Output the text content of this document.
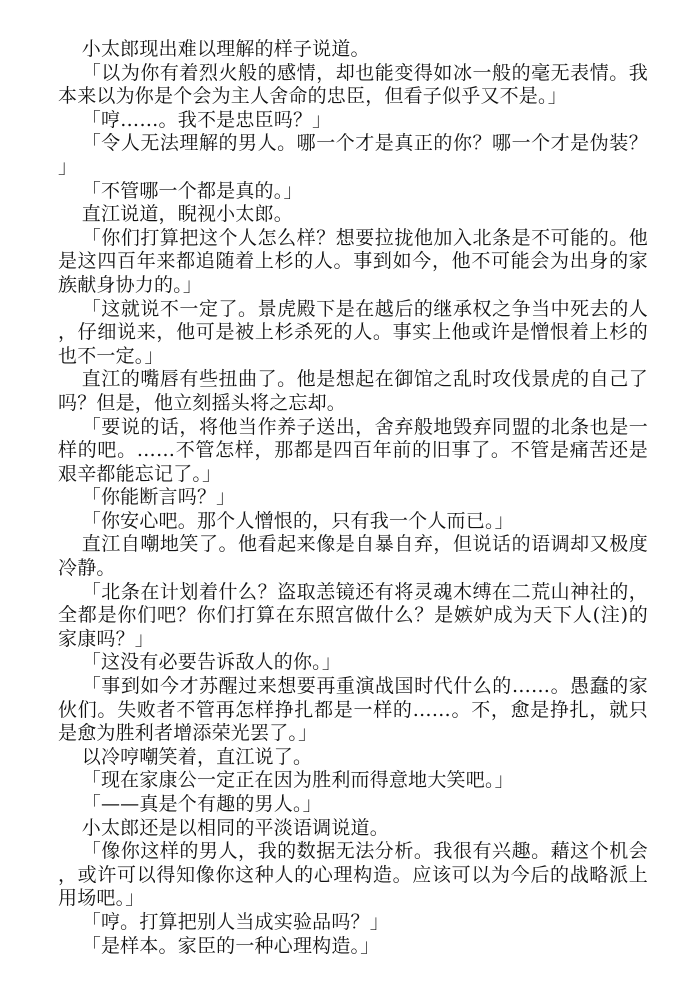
小太郎现出难以理解的样子说道。

「以为你有着烈火般的感情，却也能变得如冰一般的毫无表情。我本来以为你是个会为主人舍命的忠臣，但看子似乎又不是。」

「哼……。我不是忠臣吗？」

「令人无法理解的男人。哪一个才是真正的你？哪一个才是伪装？」

「不管哪一个都是真的。」

直江说道，睨视小太郎。

「你们打算把这个人怎么样？想要拉拢他加入北条是不可能的。他是这四百年来都追随着上杉的人。事到如今，他不可能会为出身的家族献身协力的。」

「这就说不一定了。景虎殿下是在越后的继承权之争当中死去的人，仔细说来，他可是被上杉杀死的人。事实上他或许是憎恨着上杉的也不一定。」

直江的嘴唇有些扭曲了。他是想起在御馆之乱时攻伐景虎的自己了吗？但是，他立刻摇头将之忘却。

「要说的话，将他当作养子送出，舍弃般地毁弃同盟的北条也是一样的吧。……不管怎样，那都是四百年前的旧事了。不管是痛苦还是艰辛都能忘记了。」

「你能断言吗？」

「你安心吧。那个人憎恨的，只有我一个人而已。」

直江自嘲地笑了。他看起来像是自暴自弃，但说话的语调却又极度冷静。

「北条在计划着什么？盗取恙镜还有将灵魂木缚在二荒山神社的，全都是你们吧？你们打算在东照宫做什么？是嫉妒成为天下人(注)的家康吗？」

「这没有必要告诉敌人的你。」

「事到如今才苏醒过来想要再重演战国时代什么的……。愚蠢的家伙们。失败者不管再怎样挣扎都是一样的……。不，愈是挣扎，就只是愈为胜利者增添荣光罢了。」

以冷哼嘲笑着，直江说了。

「现在家康公一定正在因为胜利而得意地大笑吧。」

「——真是个有趣的男人。」

小太郎还是以相同的平淡语调说道。

「像你这样的男人，我的数据无法分析。我很有兴趣。藉这个机会，或许可以得知像你这种人的心理构造。应该可以为今后的战略派上用场吧。」

「哼。打算把别人当成实验品吗？」

「是样本。家臣的一种心理构造。」
